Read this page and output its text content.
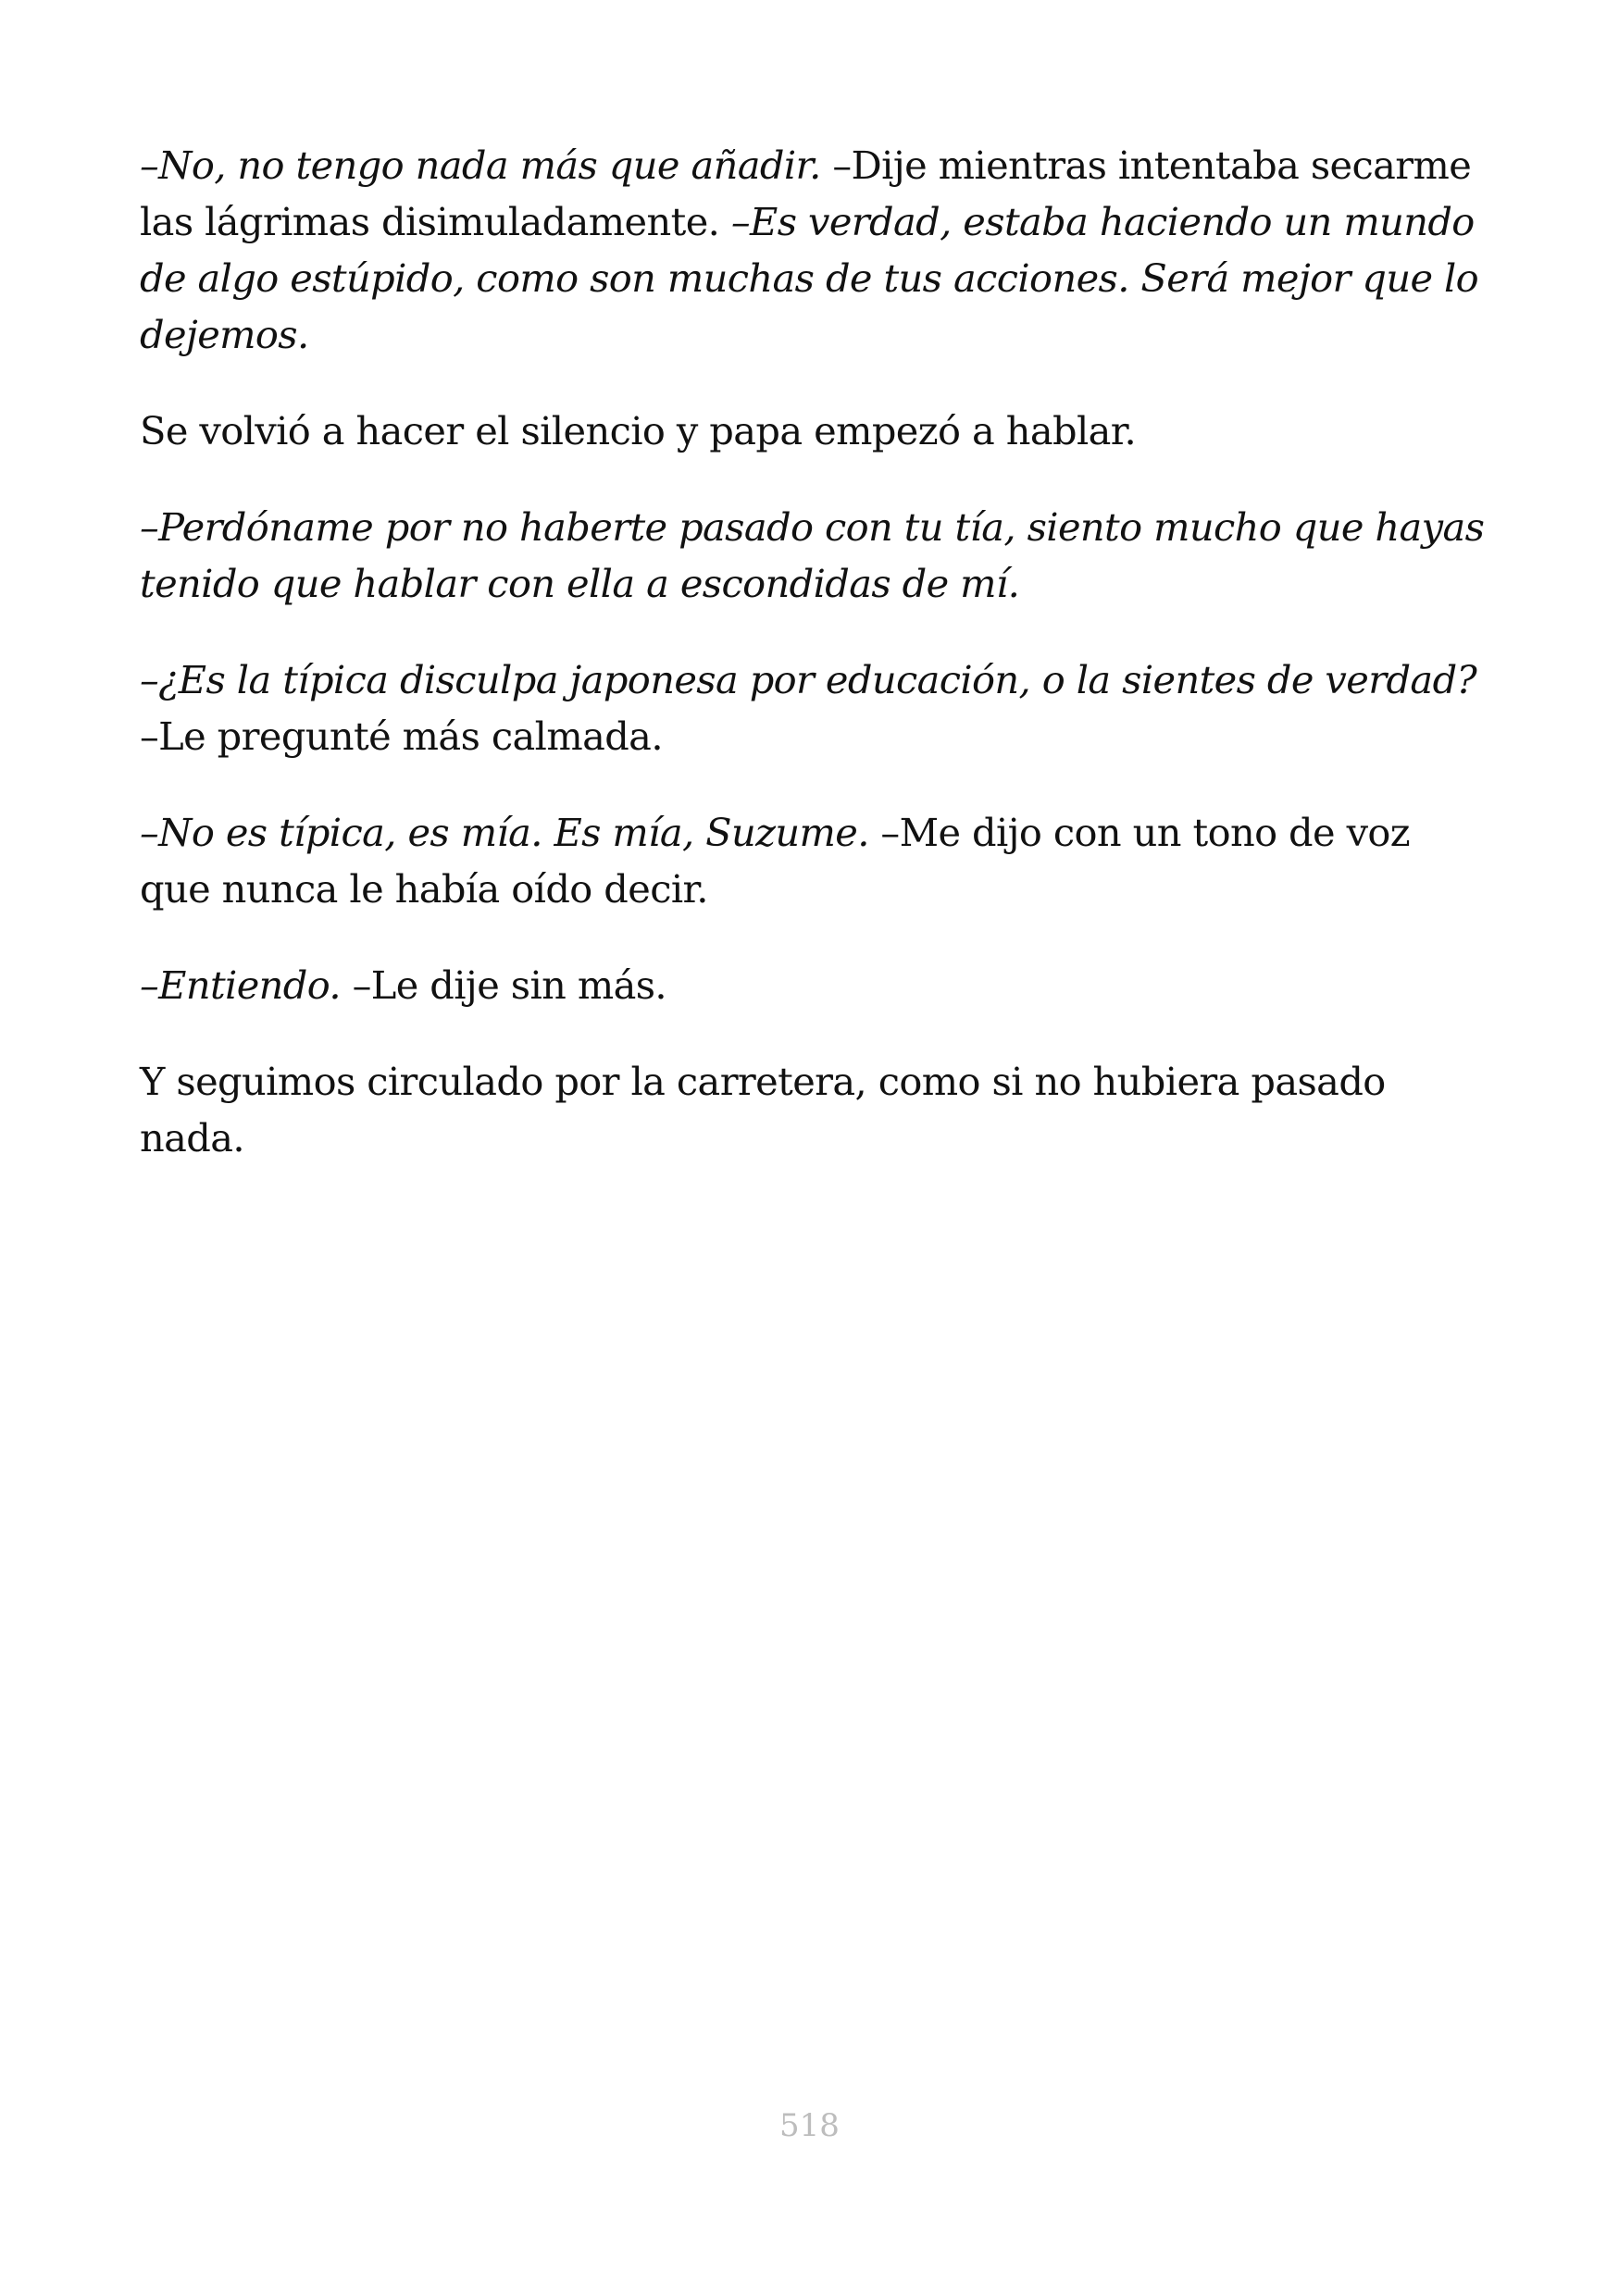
–No, no tengo nada más que añadir. –Dije mientras intentaba secarme las lágrimas disimuladamente. –Es verdad, estaba haciendo un mundo de algo estúpido, como son muchas de tus acciones. Será mejor que lo dejemos.

Se volvió a hacer el silencio y papa empezó a hablar.

–Perdóname por no haberte pasado con tu tía, siento mucho que hayas tenido que hablar con ella a escondidas de mí.

–¿Es la típica disculpa japonesa por educación, o la sientes de verdad? –Le pregunté más calmada.

–No es típica, es mía. Es mía, Suzume. –Me dijo con un tono de voz que nunca le había oído decir.

–Entiendo. –Le dije sin más.

Y seguimos circulado por la carretera, como si no hubiera pasado nada.

518
